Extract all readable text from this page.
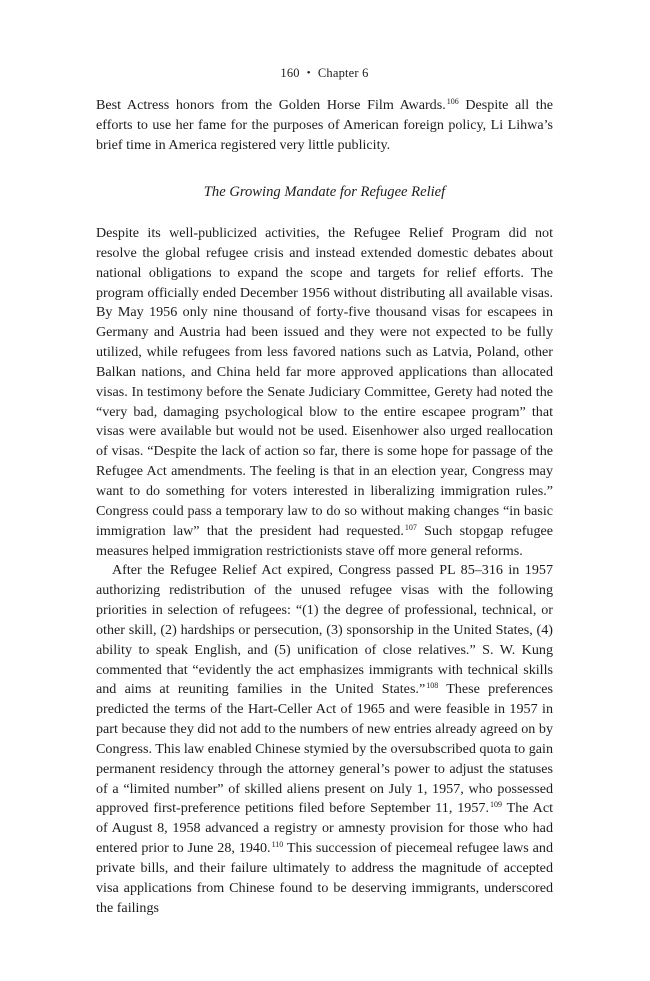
160 • Chapter 6

Best Actress honors from the Golden Horse Film Awards.$^{106}$ Despite all the efforts to use her fame for the purposes of American foreign policy, Li Lihwa’s brief time in America registered very little publicity.

The Growing Mandate for Refugee Relief

Despite its well-publicized activities, the Refugee Relief Program did not resolve the global refugee crisis and instead extended domestic debates about national obligations to expand the scope and targets for relief efforts. The program officially ended December 1956 without distributing all available visas. By May 1956 only nine thousand of forty-five thousand visas for escapees in Germany and Austria had been issued and they were not expected to be fully utilized, while refugees from less favored nations such as Latvia, Poland, other Balkan nations, and China held far more approved applications than allocated visas. In testimony before the Senate Judiciary Committee, Gerety had noted the “very bad, damaging psychological blow to the entire escapee program” that visas were available but would not be used. Eisenhower also urged reallocation of visas. “Despite the lack of action so far, there is some hope for passage of the Refugee Act amendments. The feeling is that in an election year, Congress may want to do something for voters interested in liberalizing immigration rules.” Congress could pass a temporary law to do so without making changes “in basic immigration law” that the president had requested.$^{107}$ Such stopgap refugee measures helped immigration restrictionists stave off more general reforms.

After the Refugee Relief Act expired, Congress passed PL 85–316 in 1957 authorizing redistribution of the unused refugee visas with the following priorities in selection of refugees: “(1) the degree of professional, technical, or other skill, (2) hardships or persecution, (3) sponsorship in the United States, (4) ability to speak English, and (5) unification of close relatives.” S. W. Kung commented that “evidently the act emphasizes immigrants with technical skills and aims at reuniting families in the United States.”$^{108}$ These preferences predicted the terms of the Hart-Celler Act of 1965 and were feasible in 1957 in part because they did not add to the numbers of new entries already agreed on by Congress. This law enabled Chinese stymied by the oversubscribed quota to gain permanent residency through the attorney general’s power to adjust the statuses of a “limited number” of skilled aliens present on July 1, 1957, who possessed approved first-preference petitions filed before September 11, 1957.$^{109}$ The Act of August 8, 1958 advanced a registry or amnesty provision for those who had entered prior to June 28, 1940.$^{110}$ This succession of piecemeal refugee laws and private bills, and their failure ultimately to address the magnitude of accepted visa applications from Chinese found to be deserving immigrants, underscored the failings
